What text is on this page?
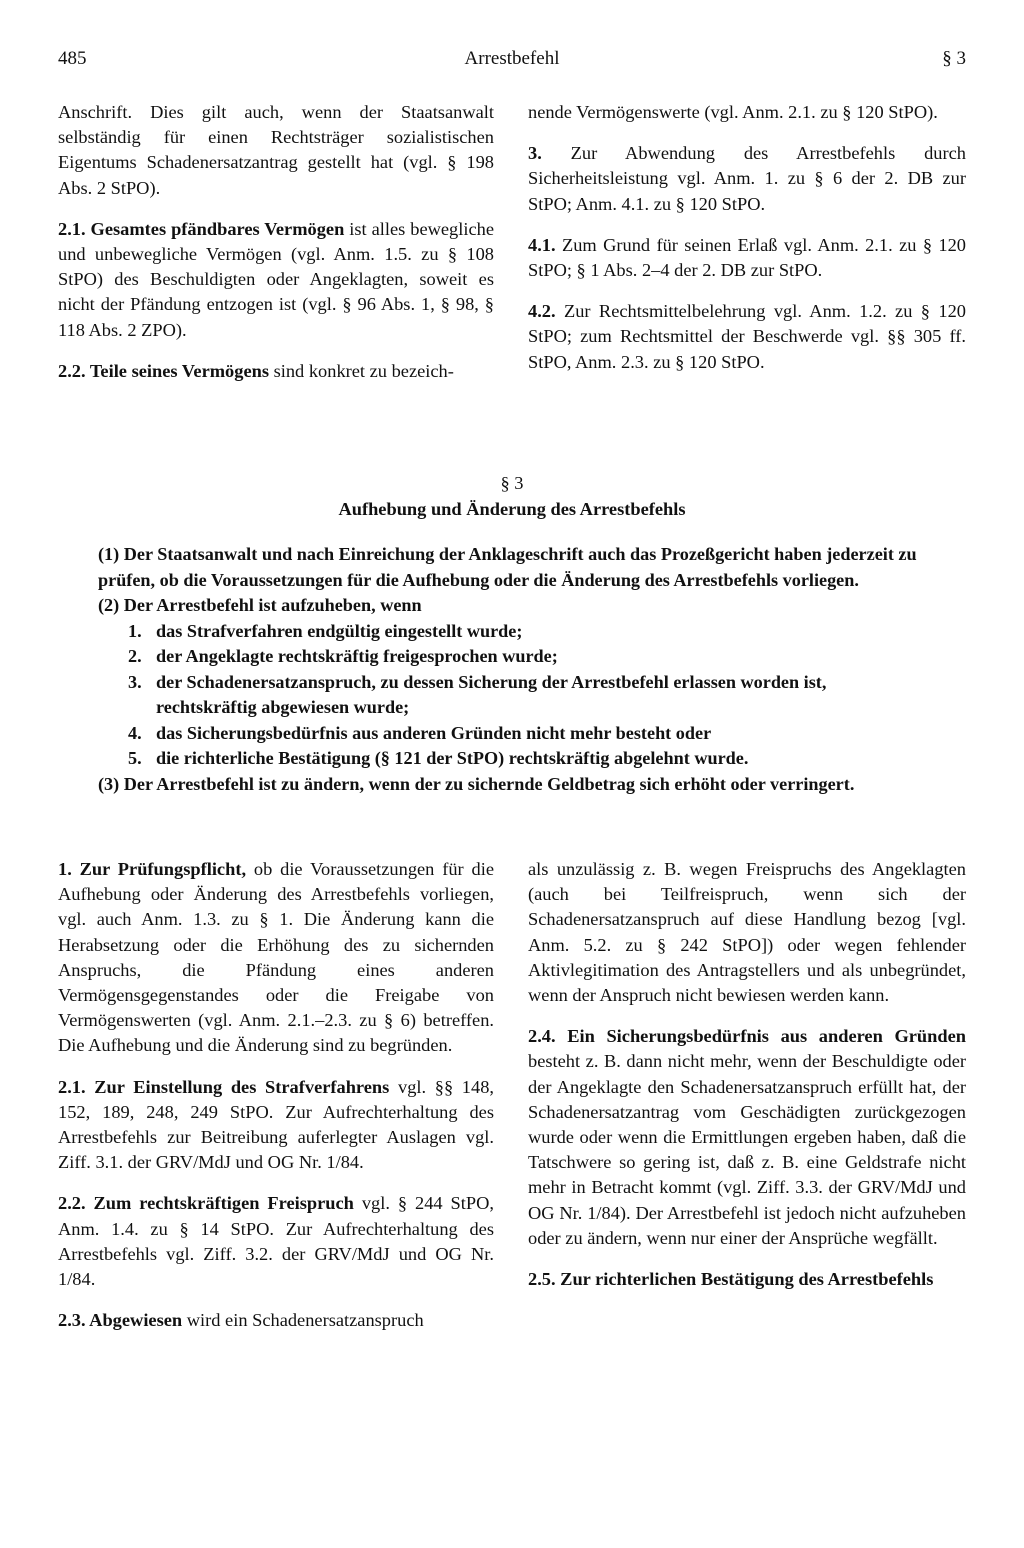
485	Arrestbefehl	§ 3

Anschrift. Dies gilt auch, wenn der Staatsanwalt selbständig für einen Rechtsträger sozialistischen Eigentums Schadenersatzantrag gestellt hat (vgl. § 198 Abs. 2 StPO).

2.1. Gesamtes pfändbares Vermögen ist alles bewegliche und unbewegliche Vermögen (vgl. Anm. 1.5. zu § 108 StPO) des Beschuldigten oder Angeklagten, soweit es nicht der Pfändung entzogen ist (vgl. § 96 Abs. 1, § 98, § 118 Abs. 2 ZPO).

2.2. Teile seines Vermögens sind konkret zu bezeich-

nende Vermögenswerte (vgl. Anm. 2.1. zu § 120 StPO).

3. Zur Abwendung des Arrestbefehls durch Sicherheitsleistung vgl. Anm. 1. zu § 6 der 2. DB zur StPO; Anm. 4.1. zu § 120 StPO.

4.1. Zum Grund für seinen Erlaß vgl. Anm. 2.1. zu § 120 StPO; § 1 Abs. 2–4 der 2. DB zur StPO.

4.2. Zur Rechtsmittelbelehrung vgl. Anm. 1.2. zu § 120 StPO; zum Rechtsmittel der Beschwerde vgl. §§ 305 ff. StPO, Anm. 2.3. zu § 120 StPO.

§ 3
Aufhebung und Änderung des Arrestbefehls
(1) Der Staatsanwalt und nach Einreichung der Anklageschrift auch das Prozeßgericht haben jederzeit zu prüfen, ob die Voraussetzungen für die Aufhebung oder die Änderung des Arrestbefehls vorliegen.
(2) Der Arrestbefehl ist aufzuheben, wenn
1. das Strafverfahren endgültig eingestellt wurde;
2. der Angeklagte rechtskräftig freigesprochen wurde;
3. der Schadenersatzanspruch, zu dessen Sicherung der Arrestbefehl erlassen worden ist, rechtskräftig abgewiesen wurde;
4. das Sicherungsbedürfnis aus anderen Gründen nicht mehr besteht oder
5. die richterliche Bestätigung (§ 121 der StPO) rechtskräftig abgelehnt wurde.
(3) Der Arrestbefehl ist zu ändern, wenn der zu sichernde Geldbetrag sich erhöht oder verringert.

1. Zur Prüfungspflicht, ob die Voraussetzungen für die Aufhebung oder Änderung des Arrestbefehls vorliegen, vgl. auch Anm. 1.3. zu § 1. Die Änderung kann die Herabsetzung oder die Erhöhung des zu sichernden Anspruchs, die Pfändung eines anderen Vermögensgegenstandes oder die Freigabe von Vermögenswerten (vgl. Anm. 2.1.–2.3. zu § 6) betreffen. Die Aufhebung und die Änderung sind zu begründen.

2.1. Zur Einstellung des Strafverfahrens vgl. §§ 148, 152, 189, 248, 249 StPO. Zur Aufrechterhaltung des Arrestbefehls zur Beitreibung auferlegter Auslagen vgl. Ziff. 3.1. der GRV/MdJ und OG Nr. 1/84.

2.2. Zum rechtskräftigen Freispruch vgl. § 244 StPO, Anm. 1.4. zu § 14 StPO. Zur Aufrechterhaltung des Arrestbefehls vgl. Ziff. 3.2. der GRV/MdJ und OG Nr. 1/84.

2.3. Abgewiesen wird ein Schadenersatzanspruch

als unzulässig z. B. wegen Freispruchs des Angeklagten (auch bei Teilfreispruch, wenn sich der Schadenersatzanspruch auf diese Handlung bezog [vgl. Anm. 5.2. zu § 242 StPO]) oder wegen fehlender Aktivlegitimation des Antragstellers und als unbegründet, wenn der Anspruch nicht bewiesen werden kann.

2.4. Ein Sicherungsbedürfnis aus anderen Gründen besteht z. B. dann nicht mehr, wenn der Beschuldigte oder der Angeklagte den Schadenersatzanspruch erfüllt hat, der Schadenersatzantrag vom Geschädigten zurückgezogen wurde oder wenn die Ermittlungen ergeben haben, daß die Tatschwere so gering ist, daß z. B. eine Geldstrafe nicht mehr in Betracht kommt (vgl. Ziff. 3.3. der GRV/MdJ und OG Nr. 1/84). Der Arrestbefehl ist jedoch nicht aufzuheben oder zu ändern, wenn nur einer der Ansprüche wegfällt.

2.5. Zur richterlichen Bestätigung des Arrestbefehls
